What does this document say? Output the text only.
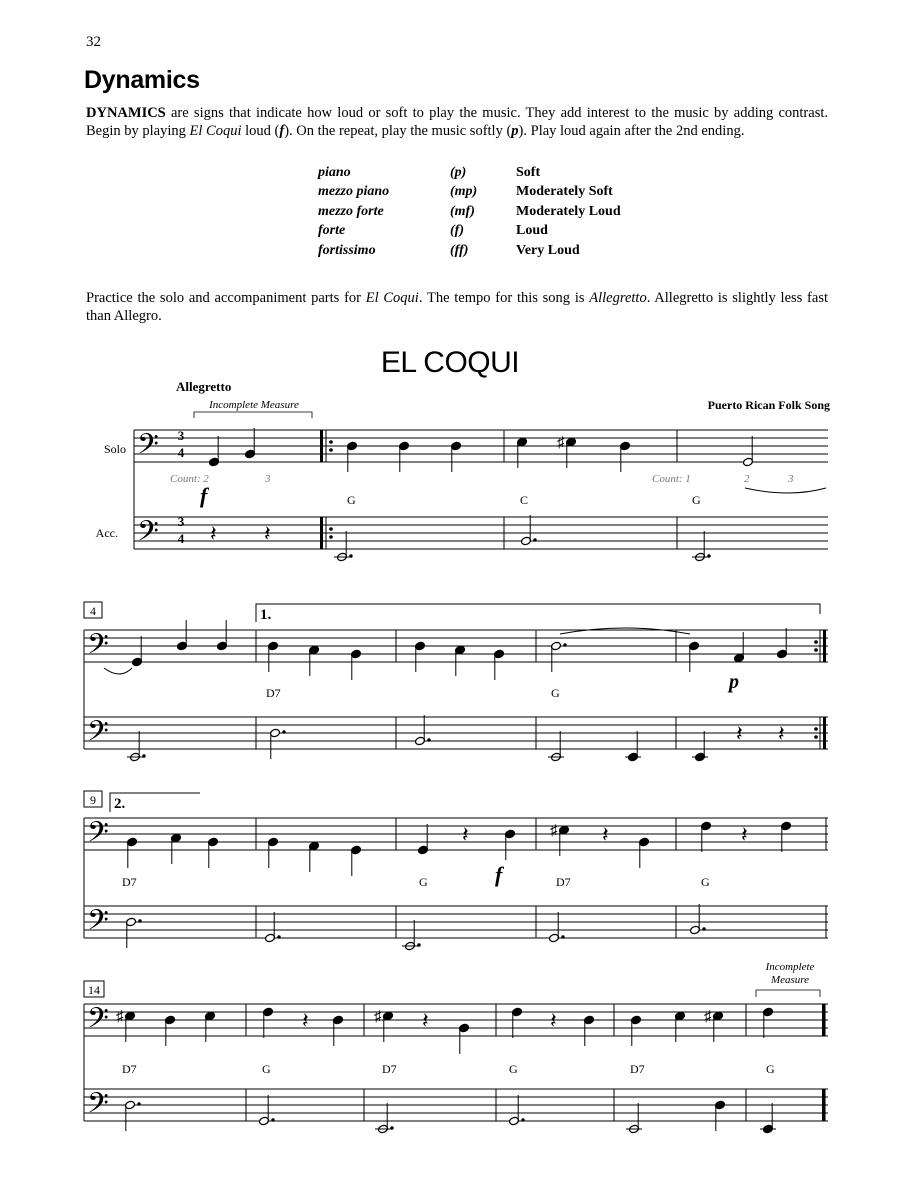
32
Dynamics
DYNAMICS are signs that indicate how loud or soft to play the music. They add interest to the music by adding contrast. Begin by playing El Coqui loud (f). On the repeat, play the music softly (p). Play loud again after the 2nd ending.
piano	(p)	Soft
mezzo piano	(mp)	Moderately Soft
mezzo forte	(mf)	Moderately Loud
forte	(f)	Loud
fortissimo	(ff)	Very Loud
Practice the solo and accompaniment parts for El Coqui. The tempo for this song is Allegretto. Allegretto is slightly less fast than Allegro.
EL COQUI
Allegretto
Puerto Rican Folk Song
Incomplete Measure
Solo
Acc.
3
4
3
4
Count: 2	3	Count: 1	2	3
f
p
f
G	C	G
D7	G
D7	G	D7	G
D7	G	D7	G	D7	G
4
9
14
1.
2.
Incomplete
Measure
𝄢
𝄢
♯
𝄽 𝄽
𝄢
𝄢	𝄽 𝄽
𝄢
𝄢
𝄽	♯ 𝄽	𝄽
𝄢
𝄢
♯	𝄽	♯ 𝄽	𝄽	♯
